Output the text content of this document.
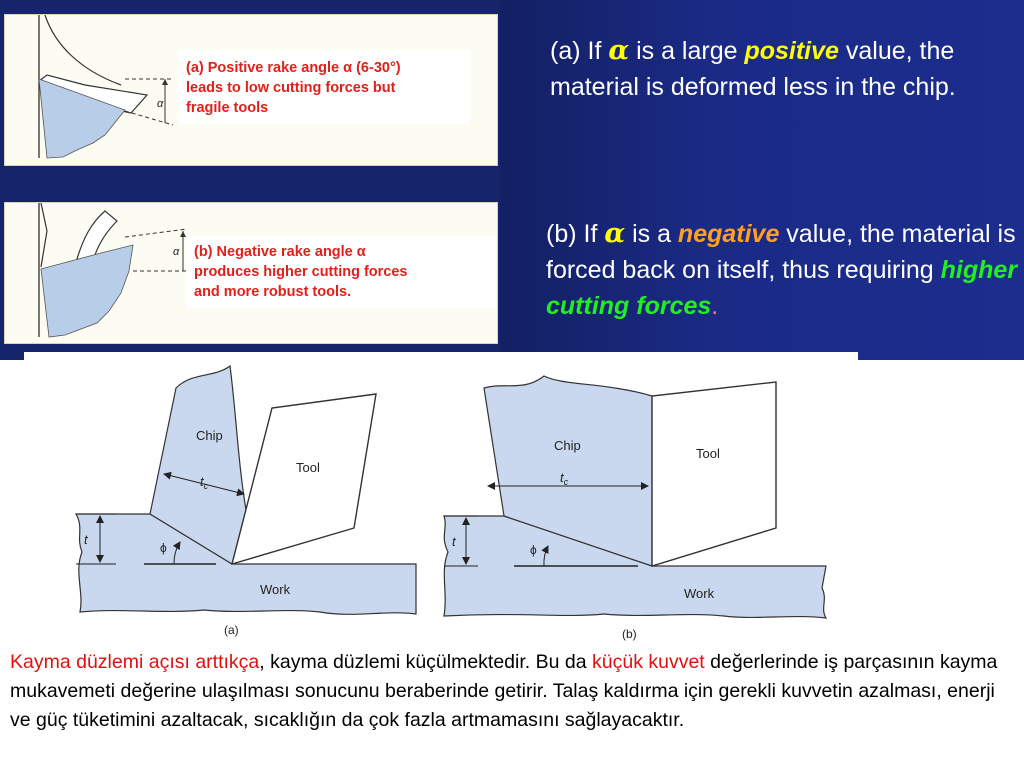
α
(a) Positive rake angle α (6-30°)
leads to low cutting forces but
fragile tools
α (b) Negative rake angle α
produces higher cutting forces
and more robust tools.
(a) If α is a large positive value, the material is deformed less in the chip.
(b) If α is a negative value, the material is forced back on itself, thus requiring higher cutting forces.
Chip
Tool
Work
$t_c$
t
ϕ
(a)
Chip
Tool
Work
$t_c$
t
ϕ
(b)
Kayma düzlemi açısı arttıkça, kayma düzlemi küçülmektedir. Bu da küçük kuvvet değerlerinde iş parçasının kayma mukavemeti değerine ulaşılması sonucunu beraberinde getirir. Talaş kaldırma için gerekli kuvvetin azalması, enerji ve güç tüketimini azaltacak, sıcaklığın da çok fazla artmamasını sağlayacaktır.
